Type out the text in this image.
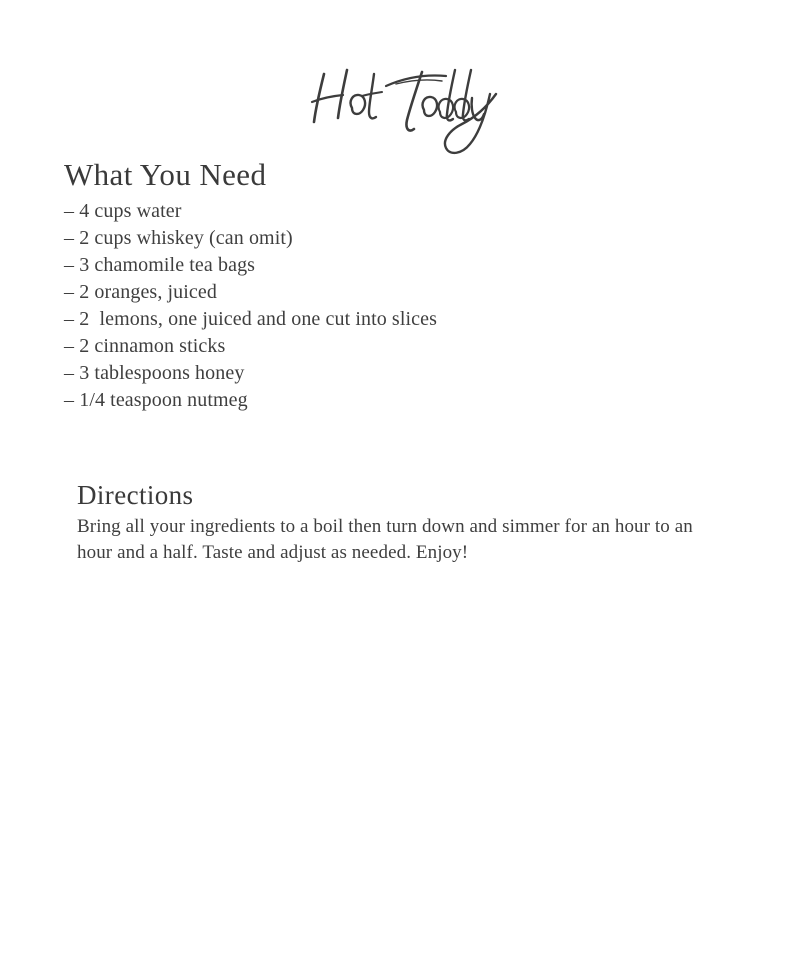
What You Need
– 4 cups water
– 2 cups whiskey (can omit)
– 3 chamomile tea bags
– 2 oranges, juiced
– 2  lemons, one juiced and one cut into slices
– 2 cinnamon sticks
– 3 tablespoons honey
– 1/4 teaspoon nutmeg
Directions

Bring all your ingredients to a boil then turn down and simmer for an hour to an hour and a half. Taste and adjust as needed. Enjoy!
